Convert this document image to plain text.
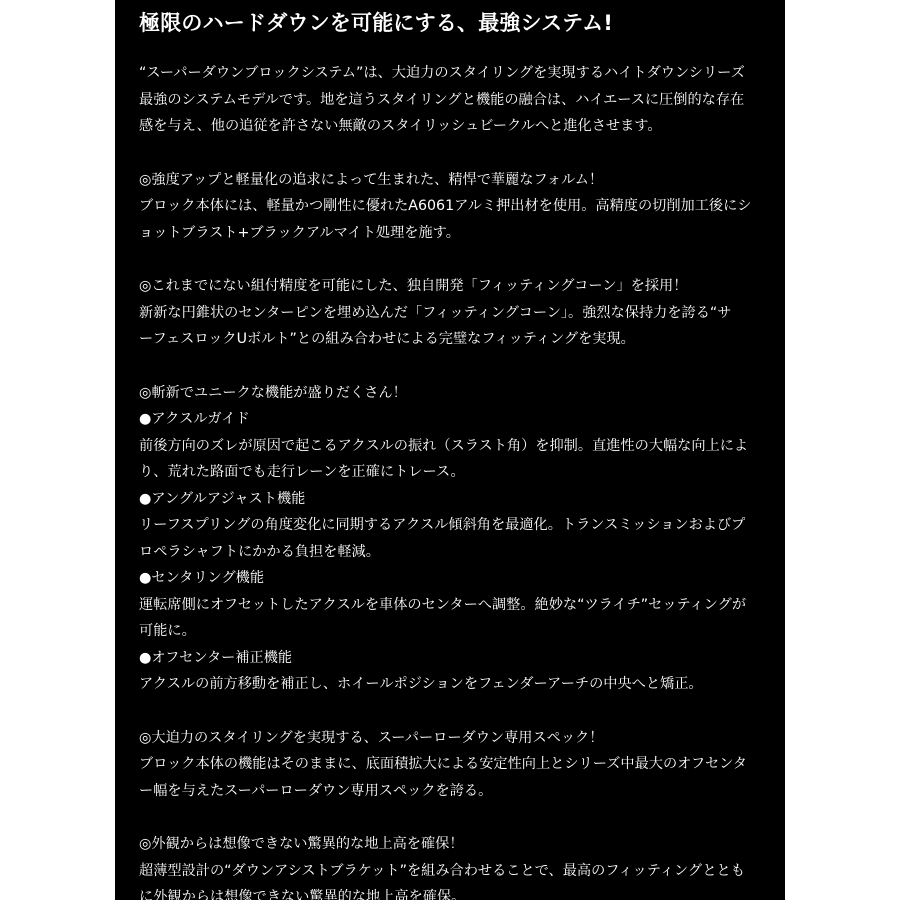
極限のハードダウンを可能にする、最強システム!

“スーパーダウンブロックシステム”は、大迫力のスタイリングを実現するハイトダウンシリーズ
最強のシステムモデルです。地を這うスタイリングと機能の融合は、ハイエースに圧倒的な存在
感を与え、他の追従を許さない無敵のスタイリッシュビークルへと進化させます。

◎強度アップと軽量化の追求によって生まれた、精悍で華麗なフォルム！
ブロック本体には、軽量かつ剛性に優れたA6061アルミ押出材を使用。高精度の切削加工後にシ
ョットブラスト+ブラックアルマイト処理を施す。

◎これまでにない組付精度を可能にした、独自開発「フィッティングコーン」を採用！
新新な円錐状のセンターピンを埋め込んだ「フィッティングコーン」。強烈な保持力を誇る“サ
ーフェスロックUボルト”との組み合わせによる完璧なフィッティングを実現。

◎斬新でユニークな機能が盛りだくさん！
●アクスルガイド
前後方向のズレが原因で起こるアクスルの振れ（スラスト角）を抑制。直進性の大幅な向上によ
り、荒れた路面でも走行レーンを正確にトレース。
●アングルアジャスト機能
リーフスプリングの角度変化に同期するアクスル傾斜角を最適化。トランスミッションおよびプ
ロペラシャフトにかかる負担を軽減。
●センタリング機能
運転席側にオフセットしたアクスルを車体のセンターへ調整。絶妙な“ツライチ”セッティングが
可能に。
●オフセンター補正機能
アクスルの前方移動を補正し、ホイールポジションをフェンダーアーチの中央へと矯正。

◎大迫力のスタイリングを実現する、スーパーローダウン専用スペック！
ブロック本体の機能はそのままに、底面積拡大による安定性向上とシリーズ中最大のオフセンタ
ー幅を与えたスーパーローダウン専用スペックを誇る。

◎外観からは想像できない驚異的な地上高を確保！
超薄型設計の“ダウンアシストブラケット”を組み合わせることで、最高のフィッティングととも
に外観からは想像できない驚異的な地上高を確保。
